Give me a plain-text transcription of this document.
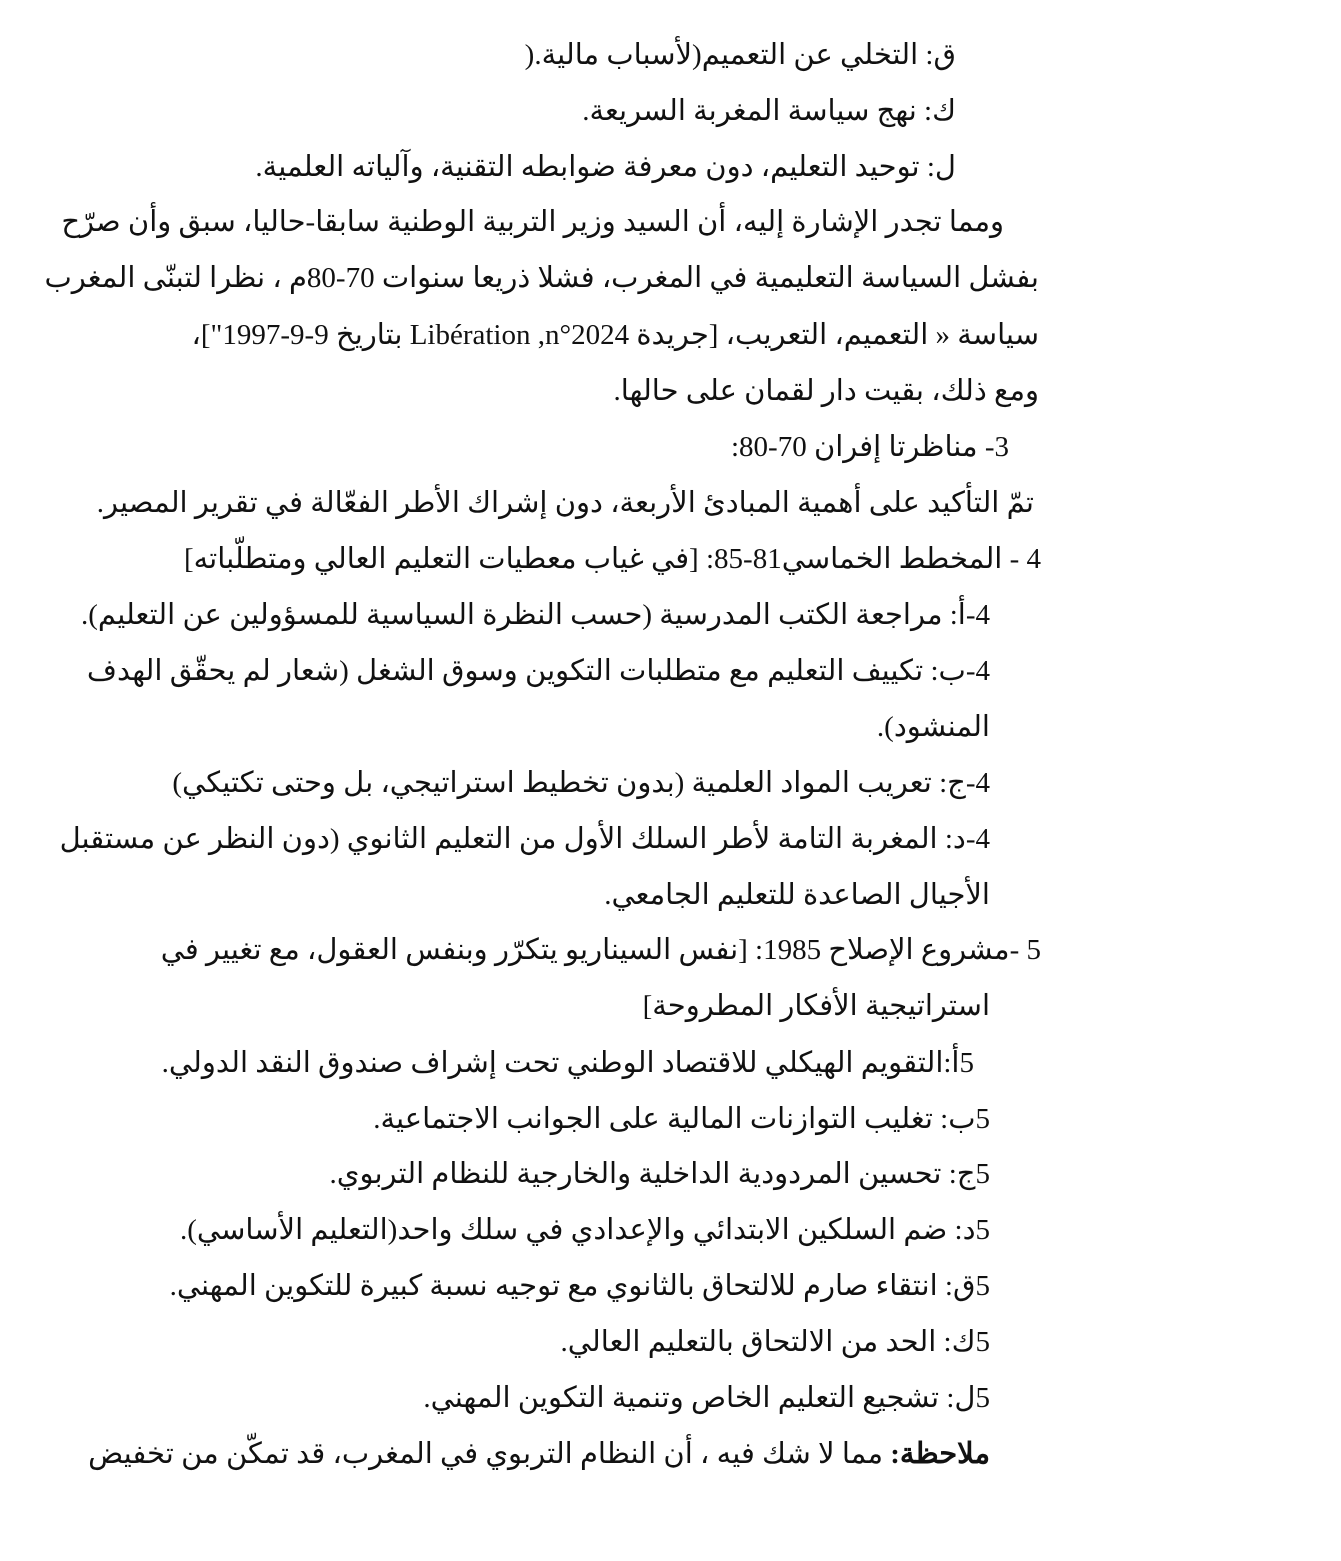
ق: التخلي عن التعميم(لأسباب مالية.(
ك: نهج سياسة المغربة السريعة.
ل: توحيد التعليم، دون معرفة ضوابطه التقنية، وآلياته العلمية.
ومما تجدر الإشارة إليه، أن السيد وزير التربية الوطنية سابقا-حاليا، سبق وأن صرّح
بفشل السياسة التعليمية في المغرب، فشلا ذريعا سنوات 70-80م ، نظرا لتبنّى المغرب
سياسة « التعميم، التعريب، [جريدة Libération ,n°2024 بتاريخ 9-9-1997"]،
ومع ذلك، بقيت دار لقمان على حالها.
3- مناظرتا إفران 70-80:
تمّ التأكيد على أهمية المبادئ الأربعة، دون إشراك الأطر الفعّالة في تقرير المصير.
4 - المخطط الخماسي81-85: [في غياب معطيات التعليم العالي ومتطلّباته]
4-أ: مراجعة الكتب المدرسية (حسب النظرة السياسية للمسؤولين عن التعليم).
4-ب: تكييف التعليم مع متطلبات التكوين وسوق الشغل (شعار لم يحقّق الهدف
المنشود).
4-ج: تعريب المواد العلمية (بدون تخطيط استراتيجي، بل وحتى تكتيكي)
4-د: المغربة التامة لأطر السلك الأول من التعليم الثانوي (دون النظر عن مستقبل
الأجيال الصاعدة للتعليم الجامعي.
5 -مشروع الإصلاح 1985: [نفس السيناريو يتكرّر وبنفس العقول، مع تغيير في
استراتيجية الأفكار المطروحة]
5أ:التقويم الهيكلي للاقتصاد الوطني تحت إشراف صندوق النقد الدولي.
5ب: تغليب التوازنات المالية على الجوانب الاجتماعية.
5ج: تحسين المردودية الداخلية والخارجية للنظام التربوي.
5د: ضم السلكين الابتدائي والإعدادي في سلك واحد(التعليم الأساسي).
5ق: انتقاء صارم للالتحاق بالثانوي مع توجيه نسبة كبيرة للتكوين المهني.
5ك: الحد من الالتحاق بالتعليم العالي.
5ل: تشجيع التعليم الخاص وتنمية التكوين المهني.
ملاحظة: مما لا شك فيه ، أن النظام التربوي في المغرب، قد تمكّن من تخفيض
